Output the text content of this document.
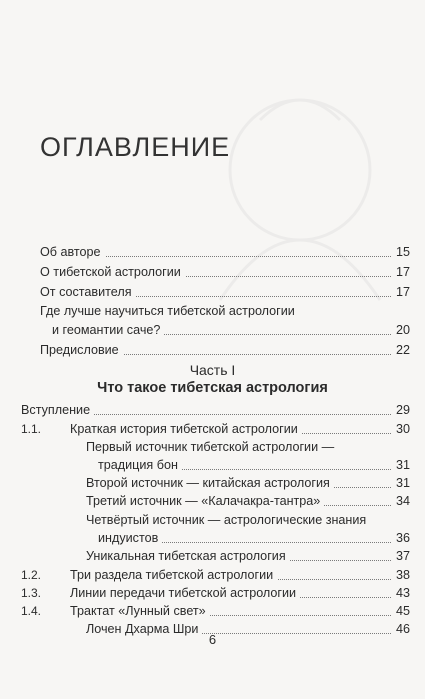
ОГЛАВЛЕНИЕ
Об авторе	15
О тибетской астрологии	17
От составителя	17
Где лучше научиться тибетской астрологии
и геомантии саче?	20
Предисловие	22
Часть I
Что такое тибетская астрология
Вступление	29
1.1. Краткая история тибетской астрологии	30
Первый источник тибетской астрологии —
традиция бон	31
Второй источник — китайская астрология	31
Третий источник — «Калачакра-тантра»	34
Четвёртый источник — астрологические знания
индуистов	36
Уникальная тибетская астрология	37
1.2. Три раздела тибетской астрологии	38
1.3. Линии передачи тибетской астрологии	43
1.4. Трактат «Лунный свет»	45
Лочен Дхарма Шри	46
6
